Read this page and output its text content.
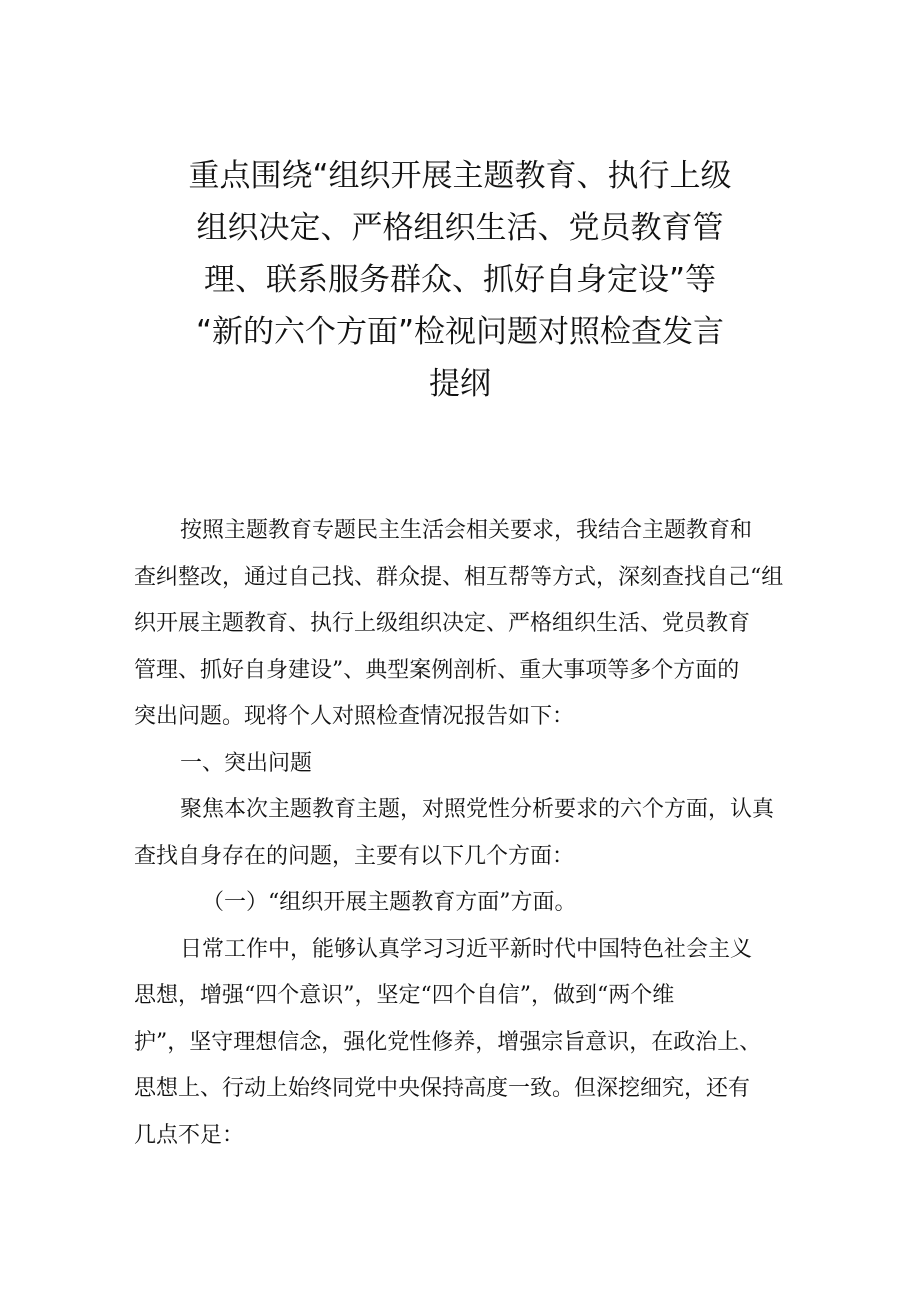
重点围绕“组织开展主题教育、执行上级
组织决定、严格组织生活、党员教育管
理、联系服务群众、抓好自身定设”等
“新的六个方面”检视问题对照检查发言
提纲
按照主题教育专题民主生活会相关要求，我结合主题教育和
查纠整改，通过自己找、群众提、相互帮等方式，深刻查找自己“组
织开展主题教育、执行上级组织决定、严格组织生活、党员教育
管理、抓好自身建设”、典型案例剖析、重大事项等多个方面的
突出问题。现将个人对照检查情况报告如下：
一、突出问题
聚焦本次主题教育主题，对照党性分析要求的六个方面，认真
查找自身存在的问题，主要有以下几个方面：
（一）“组织开展主题教育方面”方面。
日常工作中，能够认真学习习近平新时代中国特色社会主义
思想，增强“四个意识”，坚定“四个自信”，做到“两个维
护”，坚守理想信念，强化党性修养，增强宗旨意识，在政治上、
思想上、行动上始终同党中央保持高度一致。但深挖细究，还有
几点不足：
